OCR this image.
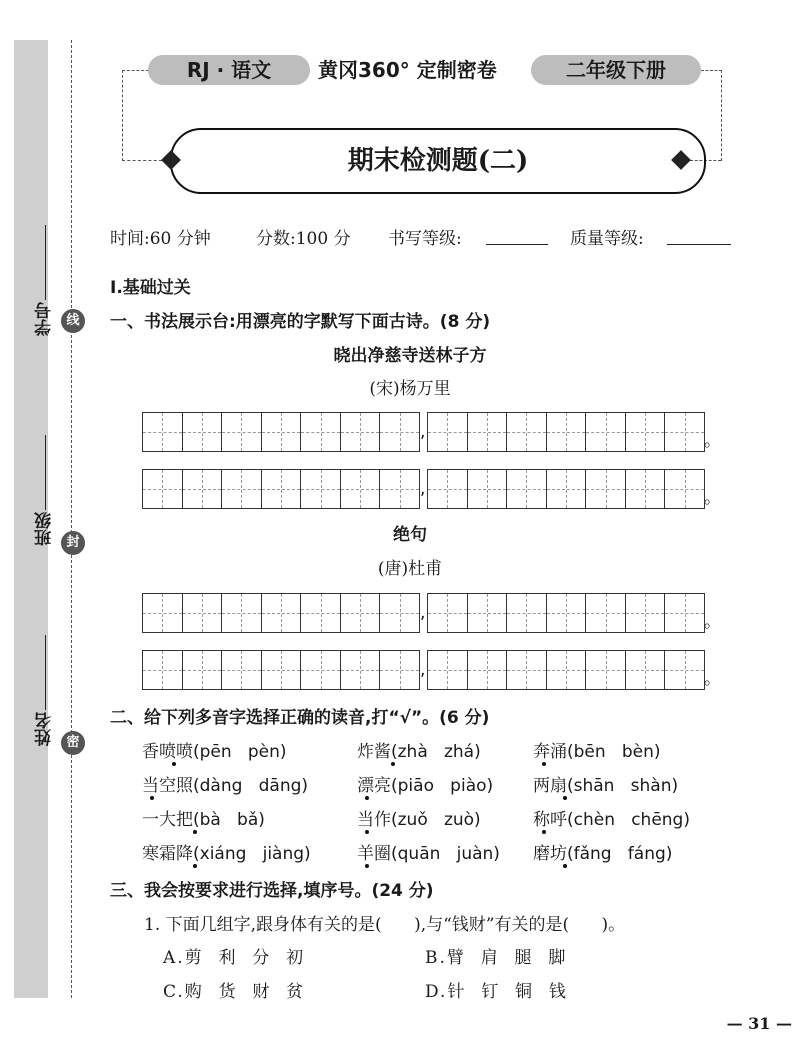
学号
班级
姓名
线
封
密
RJ · 语文	黄冈360° 定制密卷	二年级下册
期末检测题(二)
时间:60 分钟	分数:100 分 书写等级:	质量等级:
Ⅰ.基础过关
一、书法展示台:用漂亮的字默写下面古诗。(8 分)
晓出净慈寺送林子方
(宋)杨万里
,	。
,	。
绝句
(唐)杜甫
,	。
,	。
二、给下列多音字选择正确的读音,打“√”。(6 分)
香喷喷(pēn   pèn)	炸酱(zhà   zhá)	奔涌(bēn   bèn)
当空照(dàng   dāng)	漂亮(piāo   piào) 两扇(shān   shàn)
一大把(bà   bǎ)	当作(zuǒ   zuò)	称呼(chèn   chēng)
寒霜降(xiáng   jiàng)	羊圈(quān   juàn) 磨坊(fǎng   fáng)
三、我会按要求进行选择,填序号。(24 分)
1. 下面几组字,跟身体有关的是(      ),与“钱财”有关的是(      )。
A.剪  利  分  初	B.臂  肩  腿  脚
C.购  货  财  贫	D.针  钉  铜  钱
— 31 —
